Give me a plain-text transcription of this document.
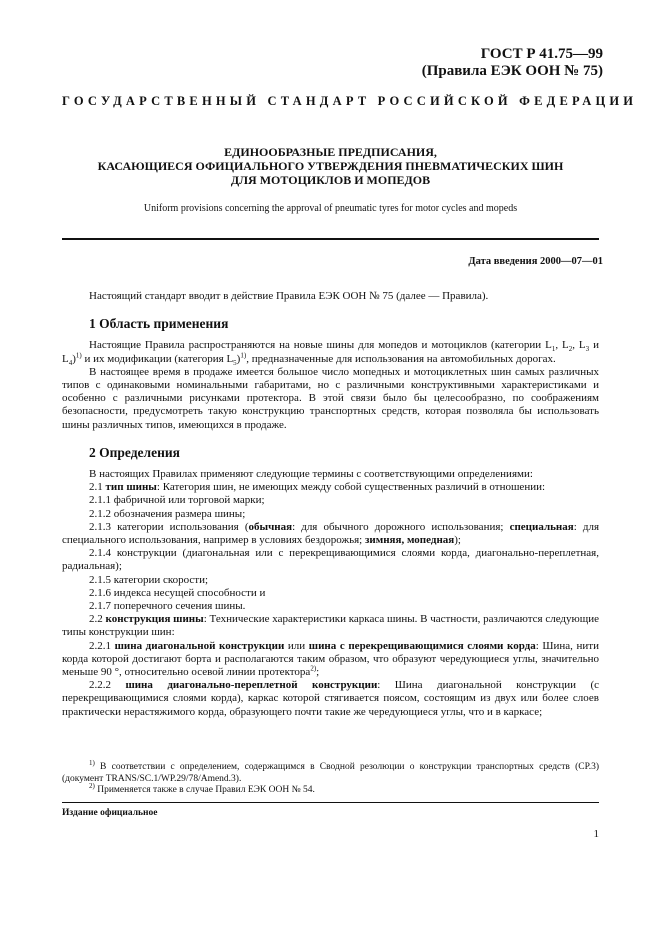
ГОСТ Р 41.75—99
(Правила ЕЭК ООН № 75)
ГОСУДАРСТВЕННЫЙ СТАНДАРТ РОССИЙСКОЙ ФЕДЕРАЦИИ
ЕДИНООБРАЗНЫЕ ПРЕДПИСАНИЯ,
КАСАЮЩИЕСЯ ОФИЦИАЛЬНОГО УТВЕРЖДЕНИЯ ПНЕВМАТИЧЕСКИХ ШИН
ДЛЯ МОТОЦИКЛОВ И МОПЕДОВ
Uniform provisions concerning the approval of pneumatic tyres for motor cycles and mopeds
Дата введения 2000—07—01

Настоящий стандарт вводит в действие Правила ЕЭК ООН № 75 (далее — Правила).

1 Область применения

Настоящие Правила распространяются на новые шины для мопедов и мотоциклов (категории $L_1$, $L_2$, $L_3$ и $L_4)^{1)}$ и их модификации (категория $L_5)^{1)}$, предназначенные для использования на автомобильных дорогах.

В настоящее время в продаже имеется большое число мопедных и мотоциклетных шин самых различных типов с одинаковыми номинальными габаритами, но с различными конструктивными характеристиками и особенно с различными рисунками протектора. В этой связи было бы целесообразно, по соображениям безопасности, предусмотреть такую конструкцию транспортных средств, которая позволяла бы использовать шины различных типов, имеющихся в продаже.

2 Определения

В настоящих Правилах применяют следующие термины с соответствующими определениями:

2.1 тип шины: Категория шин, не имеющих между собой существенных различий в отношении:

2.1.1 фабричной или торговой марки;

2.1.2 обозначения размера шины;

2.1.3 категории использования (обычная: для обычного дорожного использования; специальная: для специального использования, например в условиях бездорожья; зимняя, мопедная);

2.1.4 конструкции (диагональная или с перекрещивающимися слоями корда, диагонально-переплетная, радиальная);

2.1.5 категории скорости;

2.1.6 индекса несущей способности и

2.1.7 поперечного сечения шины.

2.2 конструкция шины: Технические характеристики каркаса шины. В частности, различаются следующие типы конструкции шин:

2.2.1 шина диагональной конструкции или шина с перекрещивающимися слоями корда: Шина, нити корда которой достигают борта и располагаются таким образом, что образуют чередующиеся углы, значительно меньше 90 °, относительно осевой линии протектора$^{2)}$;

2.2.2 шина диагонально-переплетной конструкции: Шина диагональной конструкции (с перекрещивающимися слоями корда), каркас которой стягивается поясом, состоящим из двух или более слоев практически нерастяжимого корда, образующего почти такие же чередующиеся углы, что и в каркасе;

$^{1)}$ В соответствии с определением, содержащимся в Сводной резолюции о конструкции транспортных средств (СР.3) (документ TRANS/SC.1/WP.29/78/Amend.3).

$^{2)}$ Применяется также в случае Правил ЕЭК ООН № 54.

Издание официальное
1
